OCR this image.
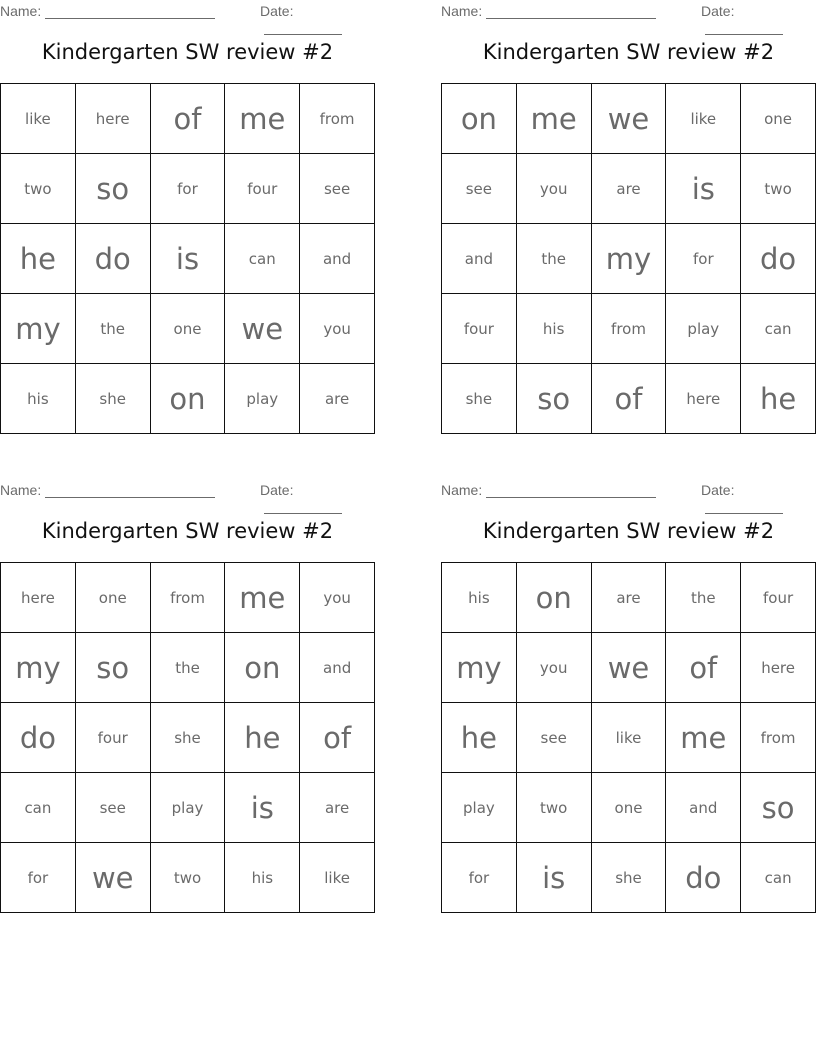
Name:	Date:
Kindergarten SW review #2
like	here	of	me	from
two	so	for	four	see
he	do	is	can	and
my	the	one	we	you
his	she	on	play	are
Name:	Date:
Kindergarten SW review #2
on	me	we	like	one
see	you	are	is	two
and	the	my	for	do
four	his	from	play	can
she	so	of	here	he
Name:	Date:
Kindergarten SW review #2
here	one	from	me	you
my	so	the	on	and
do	four	she	he	of
can	see	play	is	are
for	we	two	his	like
Name:	Date:
Kindergarten SW review #2
his	on	are	the	four
my	you	we	of	here
he	see	like	me	from
play	two	one	and	so
for	is	she	do	can
